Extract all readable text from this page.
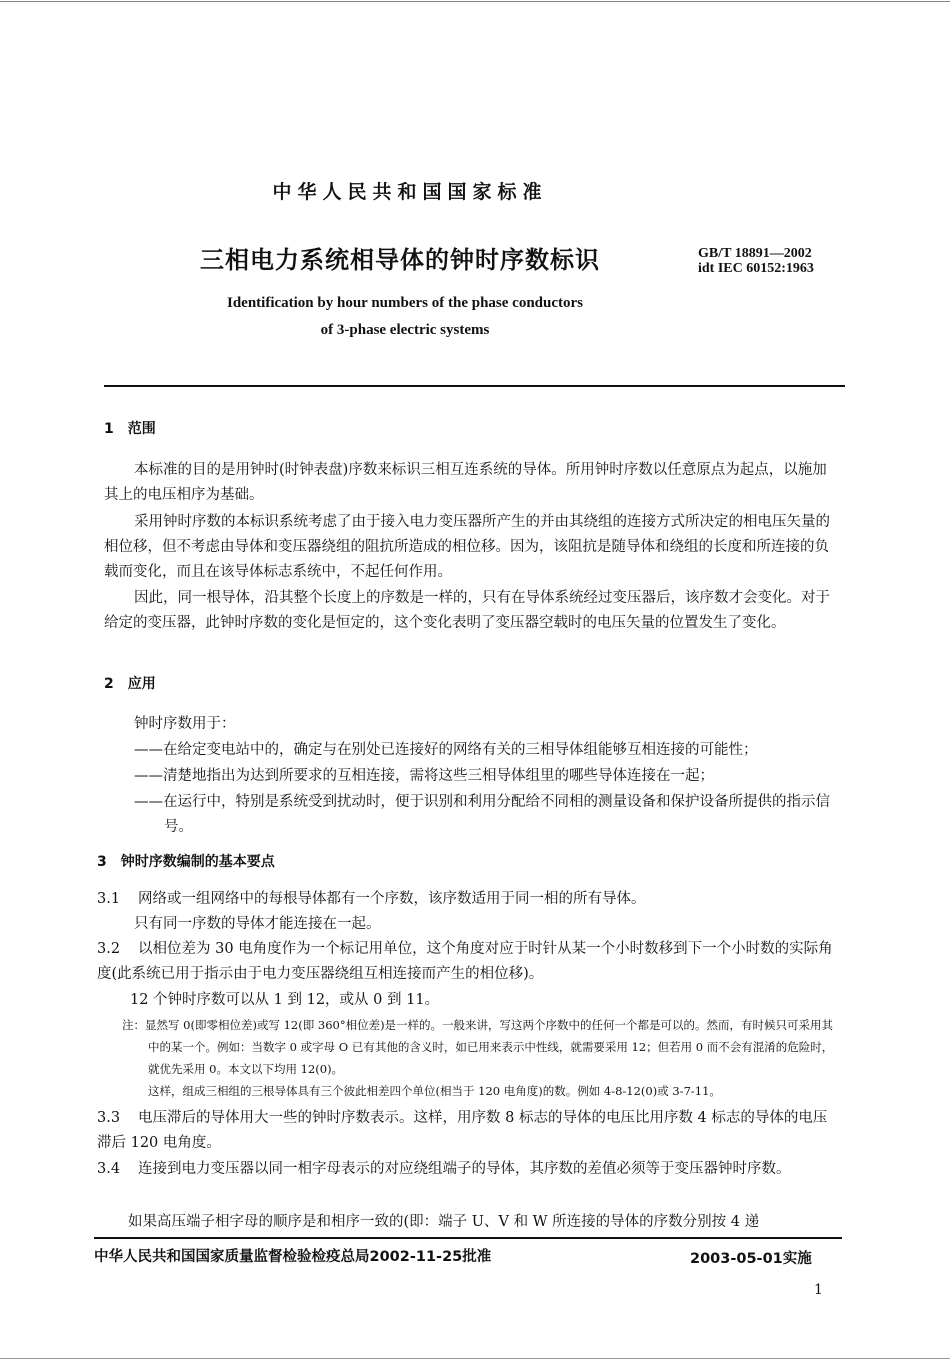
中华人民共和国国家标准
三相电力系统相导体的钟时序数标识	GB/T 18891—2002
idt IEC 60152:1963
Identification by hour numbers of the phase conductors
of 3-phase electric systems
1　范围
本标准的目的是用钟时(时钟表盘)序数来标识三相互连系统的导体。所用钟时序数以任意原点为起点，以施加其上的电压相序为基础。
采用钟时序数的本标识系统考虑了由于接入电力变压器所产生的并由其绕组的连接方式所决定的相电压矢量的相位移，但不考虑由导体和变压器绕组的阻抗所造成的相位移。因为，该阻抗是随导体和绕组的长度和所连接的负载而变化，而且在该导体标志系统中，不起任何作用。
因此，同一根导体，沿其整个长度上的序数是一样的，只有在导体系统经过变压器后，该序数才会变化。对于给定的变压器，此钟时序数的变化是恒定的，这个变化表明了变压器空载时的电压矢量的位置发生了变化。
2　应用
钟时序数用于：
——在给定变电站中的，确定与在别处已连接好的网络有关的三相导体组能够互相连接的可能性；
——清楚地指出为达到所要求的互相连接，需将这些三相导体组里的哪些导体连接在一起；
——在运行中，特别是系统受到扰动时，便于识别和利用分配给不同相的测量设备和保护设备所提供的指示信号。
3　钟时序数编制的基本要点
3.1	网络或一组网络中的每根导体都有一个序数，该序数适用于同一相的所有导体。
只有同一序数的导体才能连接在一起。
3.2	以相位差为 30 电角度作为一个标记用单位，这个角度对应于时针从某一个小时数移到下一个小时数的实际角度(此系统已用于指示由于电力变压器绕组互相连接而产生的相位移)。
12 个钟时序数可以从 1 到 12，或从 0 到 11。
注：显然写 0(即零相位差)或写 12(即 360°相位差)是一样的。一般来讲，写这两个序数中的任何一个都是可以的。然而，有时候只可采用其中的某一个。例如：当数字 0 或字母 O 已有其他的含义时，如已用来表示中性线，就需要采用 12；但若用 0 而不会有混淆的危险时，就优先采用 0。本文以下均用 12(0)。
这样，组成三相组的三根导体具有三个彼此相差四个单位(相当于 120 电角度)的数。例如 4-8-12(0)或 3-7-11。
3.3	电压滞后的导体用大一些的钟时序数表示。这样，用序数 8 标志的导体的电压比用序数 4 标志的导体的电压滞后 120 电角度。
3.4	连接到电力变压器以同一相字母表示的对应绕组端子的导体，其序数的差值必须等于变压器钟时序数。
如果高压端子相字母的顺序是和相序一致的(即：端子 U、V 和 W 所连接的导体的序数分别按 4 递
中华人民共和国国家质量监督检验检疫总局2002-11-25批准	2003-05-01实施
1
